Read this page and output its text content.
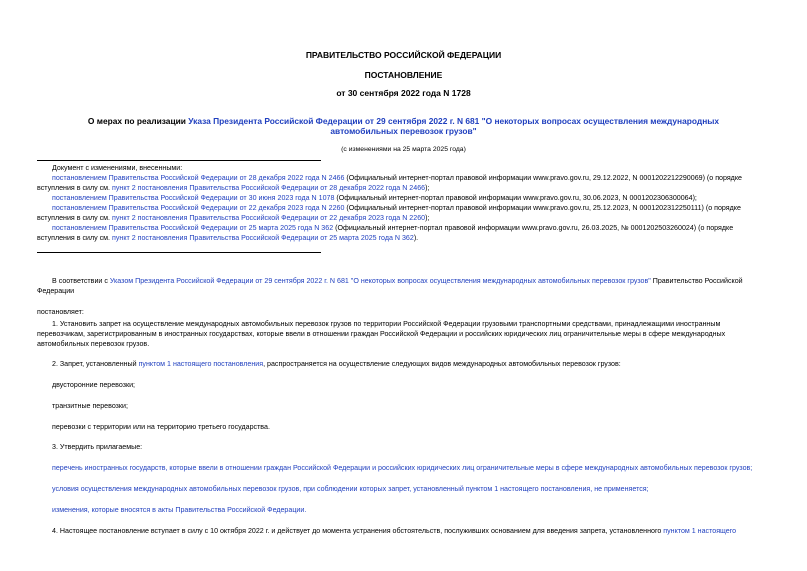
ПРАВИТЕЛЬСТВО РОССИЙСКОЙ ФЕДЕРАЦИИ
ПОСТАНОВЛЕНИЕ
от 30 сентября 2022 года N 1728
О мерах по реализации Указа Президента Российской Федерации от 29 сентября 2022 г. N 681 "О некоторых вопросах осуществления международных
автомобильных перевозок грузов"
(с изменениями на 25 марта 2025 года)
Документ с изменениями, внесенными:
постановлением Правительства Российской Федерации от 28 декабря 2022 года N 2466 (Официальный интернет-портал правовой информации www.pravo.gov.ru, 29.12.2022, N 0001202212290069) (о порядке
вступления в силу см. пункт 2 постановления Правительства Российской Федерации от 28 декабря 2022 года N 2466);
постановлением Правительства Российской Федерации от 30 июня 2023 года N 1078 (Официальный интернет-портал правовой информации www.pravo.gov.ru, 30.06.2023, N 0001202306300064);
постановлением Правительства Российской Федерации от 22 декабря 2023 года N 2260 (Официальный интернет-портал правовой информации www.pravo.gov.ru, 25.12.2023, N 0001202312250111) (о порядке
вступления в силу см. пункт 2 постановления Правительства Российской Федерации от 22 декабря 2023 года N 2260);
постановлением Правительства Российской Федерации от 25 марта 2025 года N 362 (Официальный интернет-портал правовой информации www.pravo.gov.ru, 26.03.2025, № 0001202503260024) (о порядке
вступления в силу см. пункт 2 постановления Правительства Российской Федерации от 25 марта 2025 года N 362).
В соответствии с Указом Президента Российской Федерации от 29 сентября 2022 г. N 681 "О некоторых вопросах осуществления международных автомобильных перевозок грузов" Правительство Российской
Федерации
постановляет:
1. Установить запрет на осуществление международных автомобильных перевозок грузов по территории Российской Федерации грузовыми транспортными средствами, принадлежащими иностранным
перевозчикам, зарегистрированным в иностранных государствах, которые ввели в отношении граждан Российской Федерации и российских юридических лиц ограничительные меры в сфере международных
автомобильных перевозок грузов.
2. Запрет, установленный пунктом 1 настоящего постановления, распространяется на осуществление следующих видов международных автомобильных перевозок грузов:
двусторонние перевозки;
транзитные перевозки;
перевозки с территории или на территорию третьего государства.
3. Утвердить прилагаемые:
перечень иностранных государств, которые ввели в отношении граждан Российской Федерации и российских юридических лиц ограничительные меры в сфере международных автомобильных перевозок грузов;
условия осуществления международных автомобильных перевозок грузов, при соблюдении которых запрет, установленный пунктом 1 настоящего постановления, не применяется;
изменения, которые вносятся в акты Правительства Российской Федерации.
4. Настоящее постановление вступает в силу с 10 октября 2022 г. и действует до момента устранения обстоятельств, послуживших основанием для введения запрета, установленного пунктом 1 настоящего
